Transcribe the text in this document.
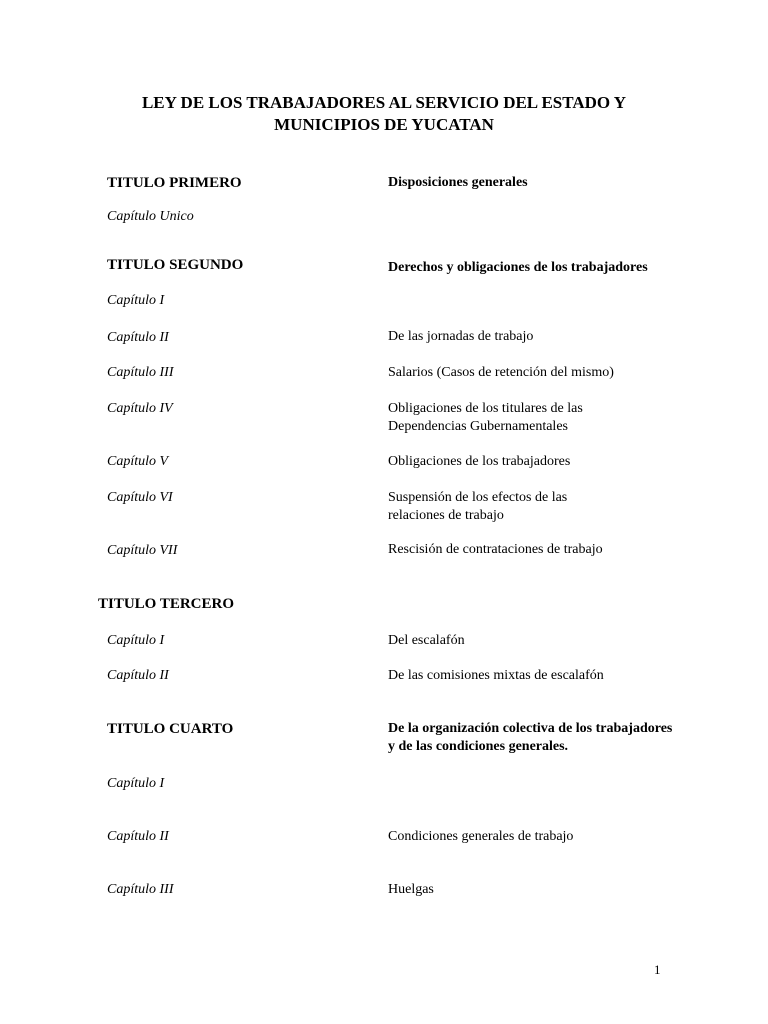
LEY DE LOS TRABAJADORES AL SERVICIO DEL ESTADO Y
MUNICIPIOS DE YUCATAN
TITULO PRIMERO	Disposiciones generales
Capítulo Unico
TITULO SEGUNDO	Derechos y obligaciones de los trabajadores
Capítulo I
Capítulo II	De las jornadas de trabajo
Capítulo III	Salarios (Casos de retención del mismo)
Capítulo IV	Obligaciones de los titulares de las
Dependencias Gubernamentales
Capítulo V	Obligaciones de los trabajadores
Capítulo VI	Suspensión de los efectos de las
relaciones de trabajo
Capítulo VII	Rescisión de contrataciones de trabajo
TITULO TERCERO
Capítulo I	Del escalafón
Capítulo II	De las comisiones mixtas de escalafón
TITULO CUARTO	De la organización colectiva de los trabajadores
y de las condiciones generales.
Capítulo I
Capítulo II	Condiciones generales de trabajo
Capítulo III	Huelgas
1
